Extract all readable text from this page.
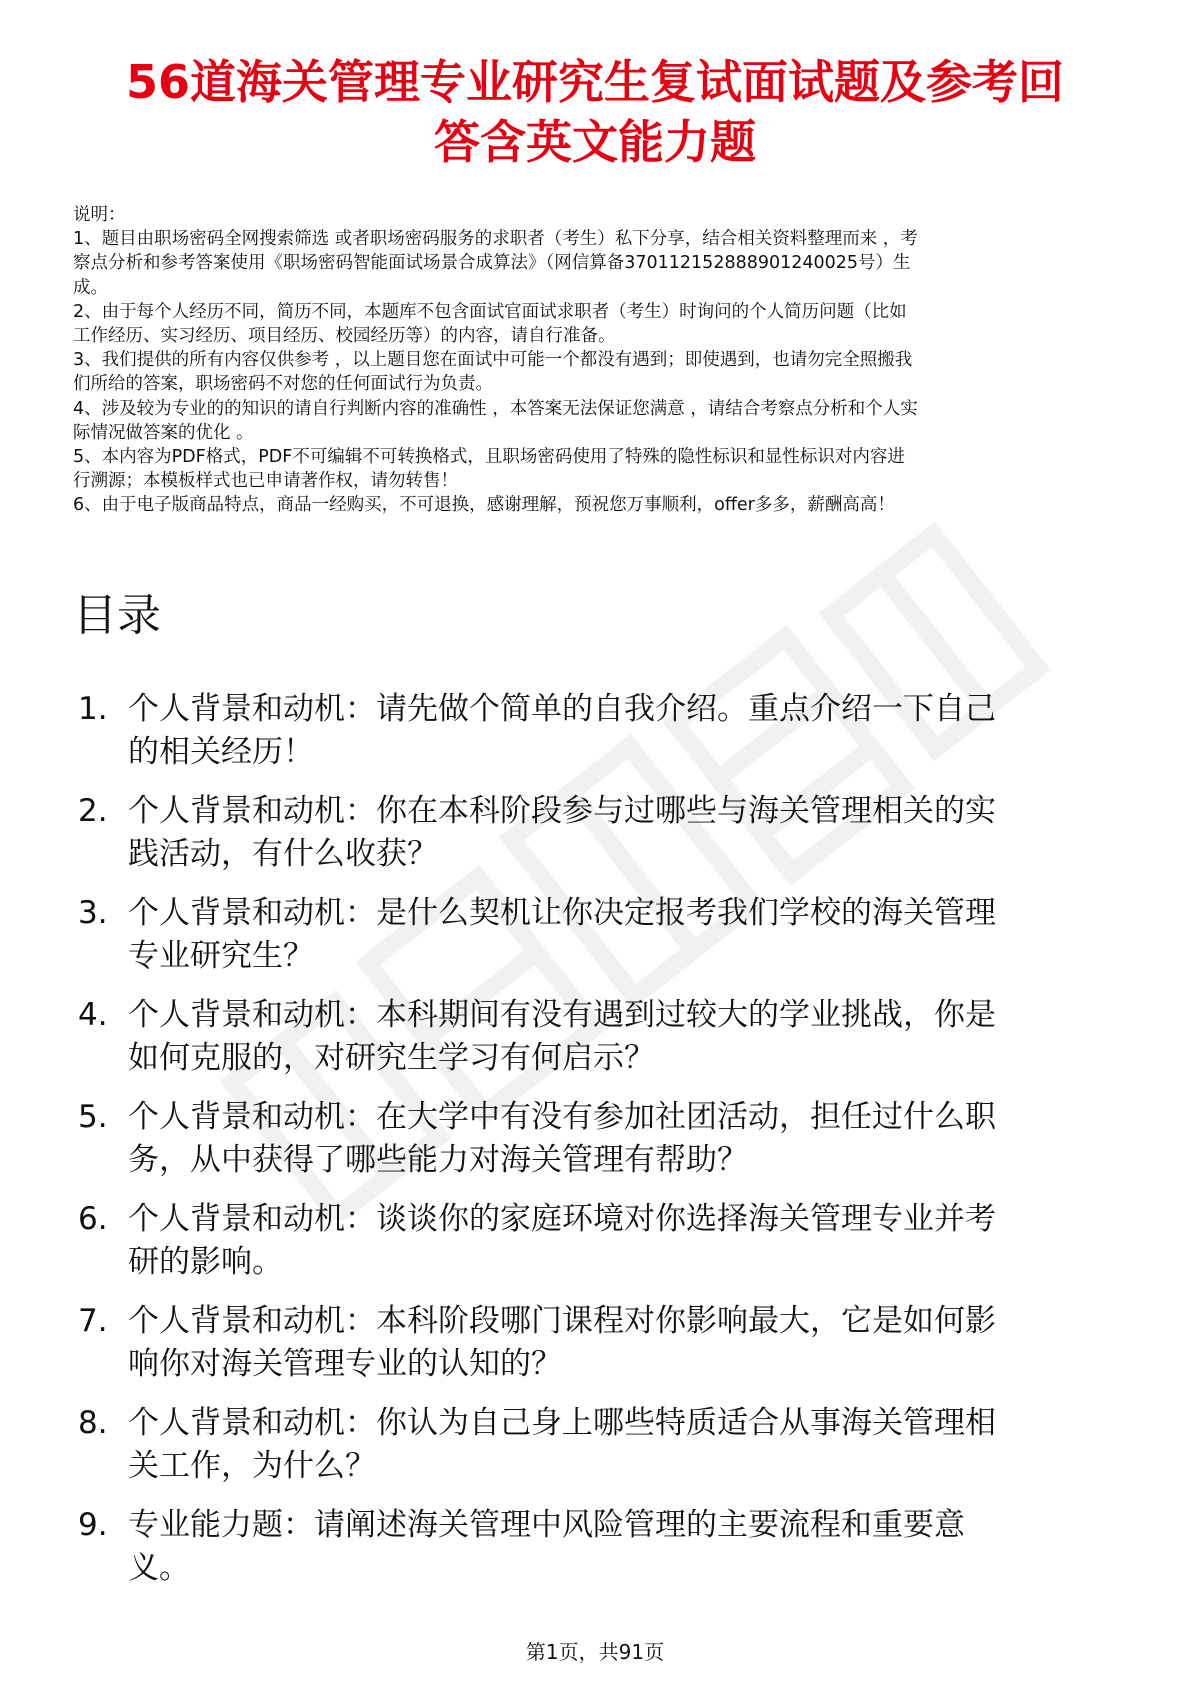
56道海关管理专业研究生复试面试题及参考回
答含英文能力题
说明：
1、题目由职场密码全网搜索筛选 或者职场密码服务的求职者（考生）私下分享，结合相关资料整理而来 ，考
察点分析和参考答案使用《职场密码智能面试场景合成算法》（网信算备370112152888901240025号）生
成。
2、由于每个人经历不同，简历不同，本题库不包含面试官面试求职者（考生）时询问的个人简历问题（比如
工作经历、实习经历、项目经历、校园经历等）的内容，请自行准备。
3、我们提供的所有内容仅供参考 ，以上题目您在面试中可能一个都没有遇到；即使遇到，也请勿完全照搬我
们所给的答案，职场密码不对您的任何面试行为负责。
4、涉及较为专业的的知识的请自行判断内容的准确性 ，本答案无法保证您满意 ，请结合考察点分析和个人实
际情况做答案的优化 。
5、本内容为PDF格式，PDF不可编辑不可转换格式，且职场密码使用了特殊的隐性标识和显性标识对内容进
行溯源；本模板样式也已申请著作权，请勿转售！
6、由于电子版商品特点，商品一经购买，不可退换，感谢理解，预祝您万事顺利，offer多多，薪酬高高！
目录
1. 个人背景和动机：请先做个简单的自我介绍。重点介绍一下自己
的相关经历！
2. 个人背景和动机：你在本科阶段参与过哪些与海关管理相关的实
践活动，有什么收获？
3. 个人背景和动机：是什么契机让你决定报考我们学校的海关管理
专业研究生？
4. 个人背景和动机：本科期间有没有遇到过较大的学业挑战，你是
如何克服的，对研究生学习有何启示？
5. 个人背景和动机：在大学中有没有参加社团活动，担任过什么职
务，从中获得了哪些能力对海关管理有帮助？
6. 个人背景和动机：谈谈你的家庭环境对你选择海关管理专业并考
研的影响。
7. 个人背景和动机：本科阶段哪门课程对你影响最大，它是如何影
响你对海关管理专业的认知的？
8. 个人背景和动机：你认为自己身上哪些特质适合从事海关管理相
关工作，为什么？
9. 专业能力题：请阐述海关管理中风险管理的主要流程和重要意
义。
第1页，共91页
